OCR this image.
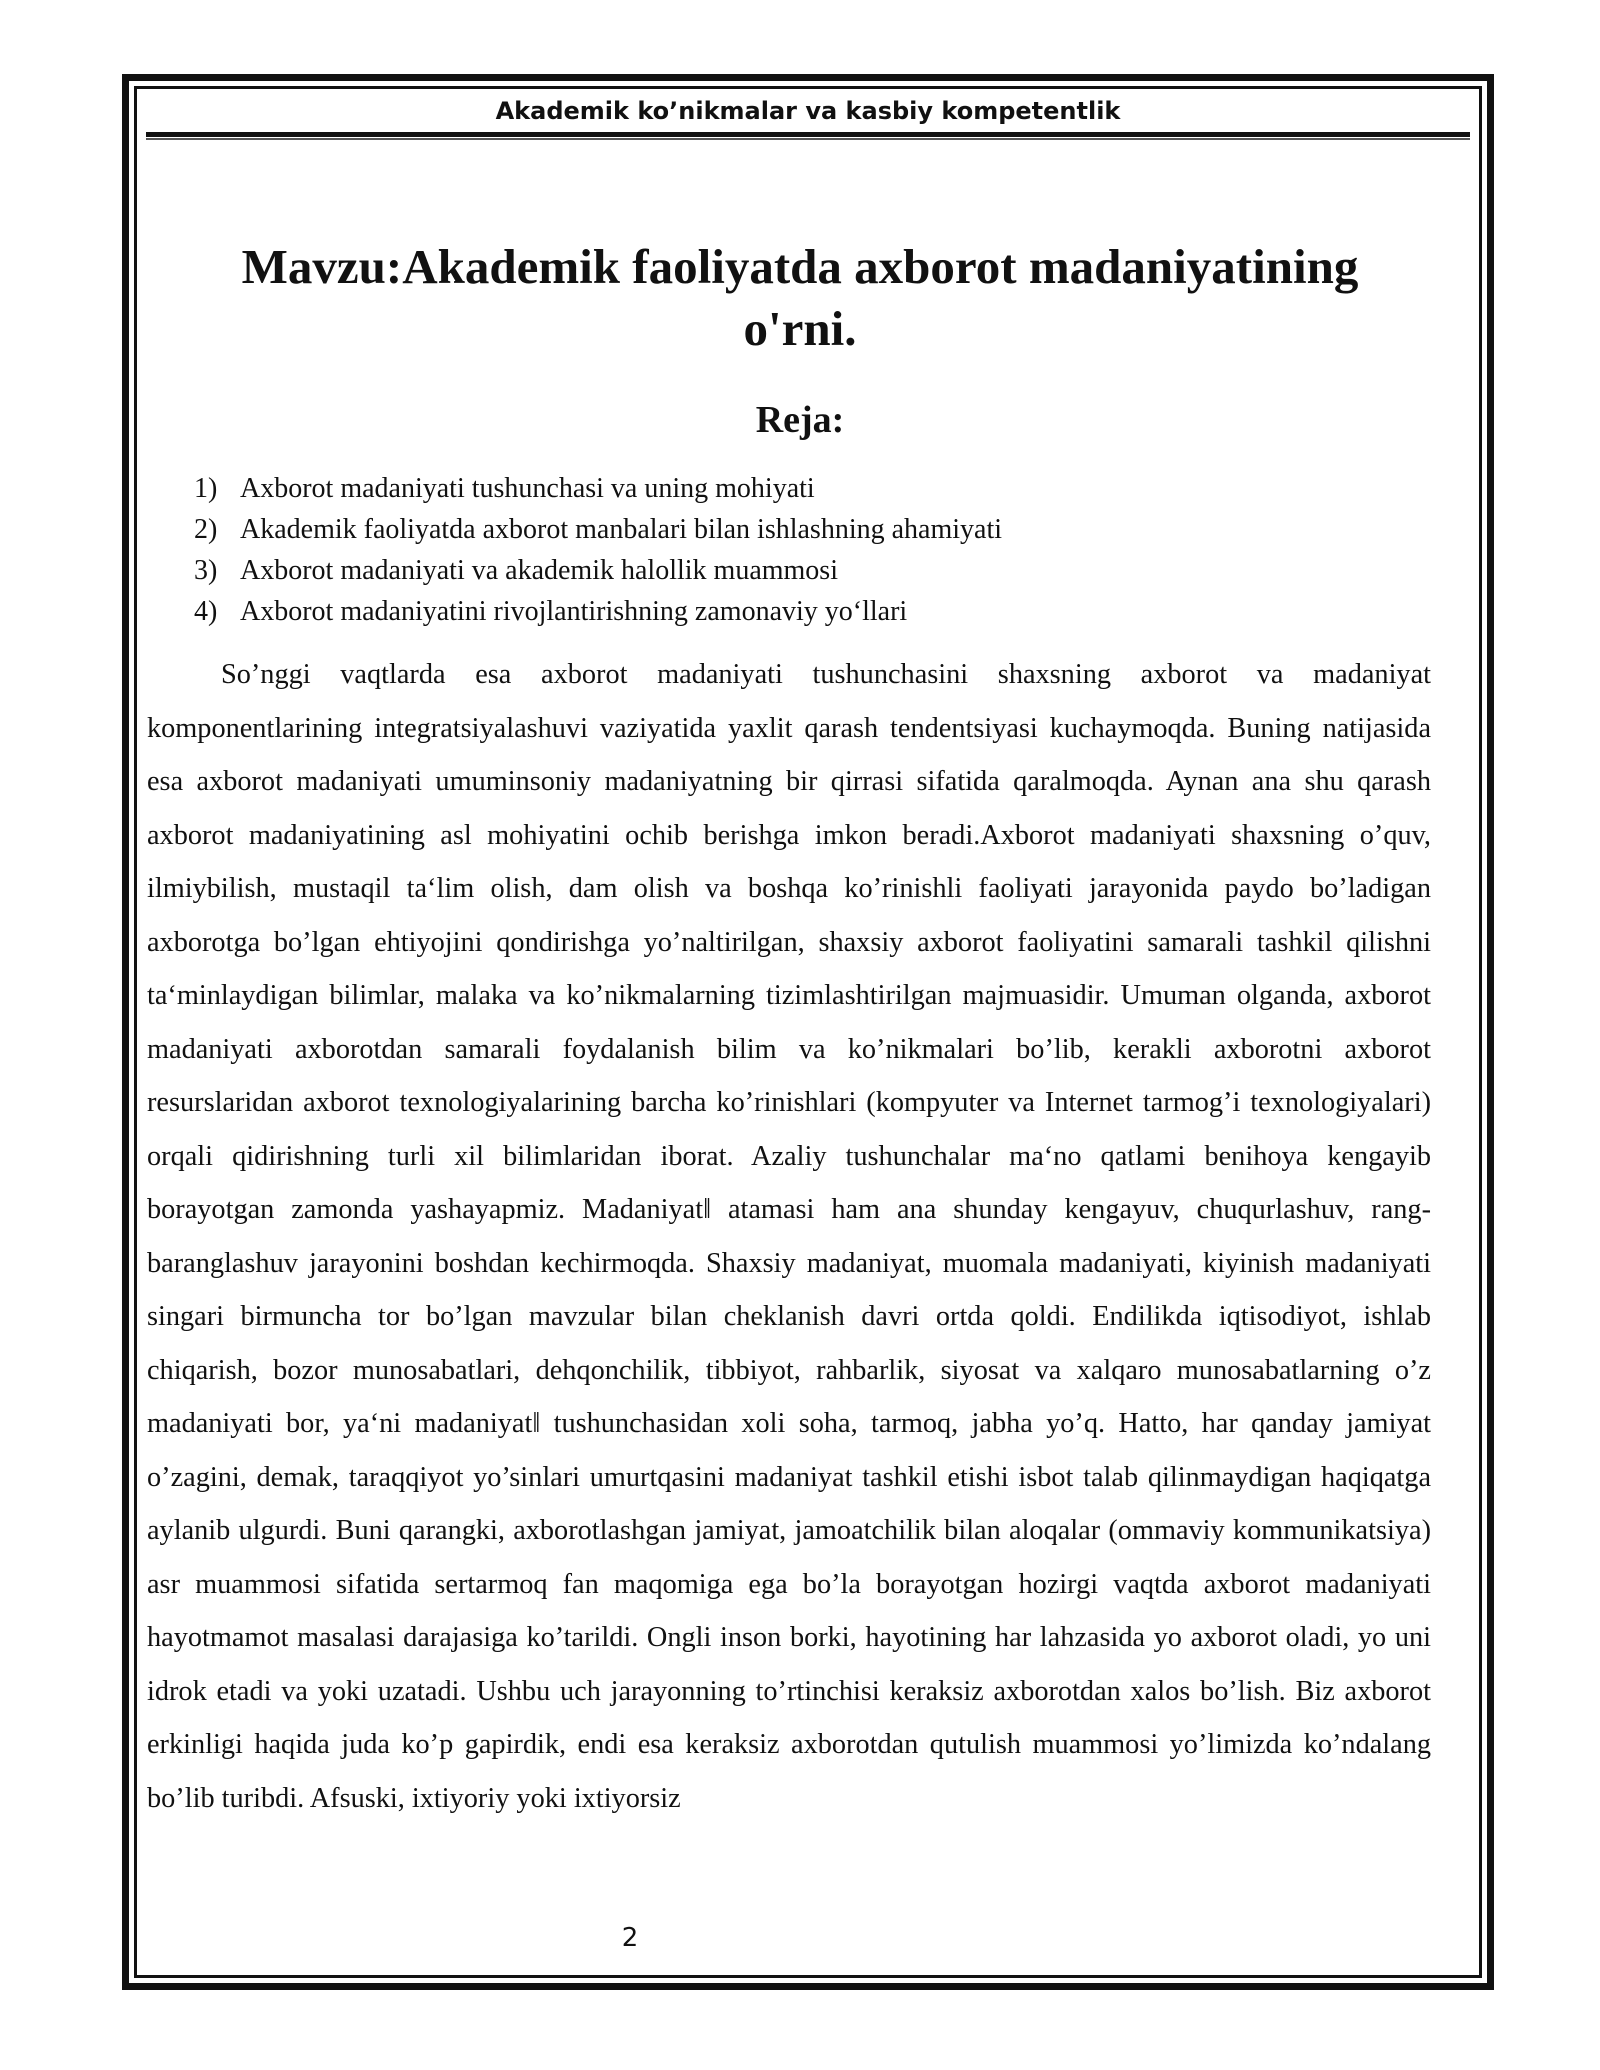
Akademik ko’nikmalar va kasbiy kompetentlik
Mavzu:Akademik faoliyatda axborot madaniyatining o'rni.
Reja:
1) Axborot madaniyati tushunchasi va uning mohiyati
2) Akademik faoliyatda axborot manbalari bilan ishlashning ahamiyati
3) Axborot madaniyati va akademik halollik muammosi
4) Axborot madaniyatini rivojlantirishning zamonaviy yo‘llari

So’nggi vaqtlarda esa axborot madaniyati tushunchasini shaxsning axborot va madaniyat komponentlarining integratsiyalashuvi vaziyatida yaxlit qarash tendentsiyasi kuchaymoqda. Buning natijasida esa axborot madaniyati umuminsoniy madaniyatning bir qirrasi sifatida qaralmoqda. Aynan ana shu qarash axborot madaniyatining asl mohiyatini ochib berishga imkon beradi.Axborot madaniyati shaxsning o’quv, ilmiybilish, mustaqil ta‘lim olish, dam olish va boshqa ko’rinishli faoliyati jarayonida paydo bo’ladigan axborotga bo’lgan ehtiyojini qondirishga yo’naltirilgan, shaxsiy axborot faoliyatini samarali tashkil qilishni ta‘minlaydigan bilimlar, malaka va ko’nikmalarning tizimlashtirilgan majmuasidir. Umuman olganda, axborot madaniyati axborotdan samarali foydalanish bilim va ko’nikmalari bo’lib, kerakli axborotni axborot resurslaridan axborot texnologiyalarining barcha ko’rinishlari (kompyuter va Internet tarmog’i texnologiyalari) orqali qidirishning turli xil bilimlaridan iborat. Azaliy tushunchalar ma‘no qatlami benihoya kengayib borayotgan zamonda yashayapmiz. Madaniyat‖ atamasi ham ana shunday kengayuv, chuqurlashuv, rang-baranglashuv jarayonini boshdan kechirmoqda. Shaxsiy madaniyat, muomala madaniyati, kiyinish madaniyati singari birmuncha tor bo’lgan mavzular bilan cheklanish davri ortda qoldi. Endilikda iqtisodiyot, ishlab chiqarish, bozor munosabatlari, dehqonchilik, tibbiyot, rahbarlik, siyosat va xalqaro munosabatlarning o’z madaniyati bor, ya‘ni madaniyat‖ tushunchasidan xoli soha, tarmoq, jabha yo’q. Hatto, har qanday jamiyat o’zagini, demak, taraqqiyot yo’sinlari umurtqasini madaniyat tashkil etishi isbot talab qilinmaydigan haqiqatga aylanib ulgurdi. Buni qarangki, axborotlashgan jamiyat, jamoatchilik bilan aloqalar (ommaviy kommunikatsiya) asr muammosi sifatida sertarmoq fan maqomiga ega bo’la borayotgan hozirgi vaqtda axborot madaniyati hayotmamot masalasi darajasiga ko’tarildi. Ongli inson borki, hayotining har lahzasida yo axborot oladi, yo uni idrok etadi va yoki uzatadi. Ushbu uch jarayonning to’rtinchisi keraksiz axborotdan xalos bo’lish. Biz axborot erkinligi haqida juda ko’p gapirdik, endi esa keraksiz axborotdan qutulish muammosi yo’limizda ko’ndalang bo’lib turibdi. Afsuski, ixtiyoriy yoki ixtiyorsiz

2
